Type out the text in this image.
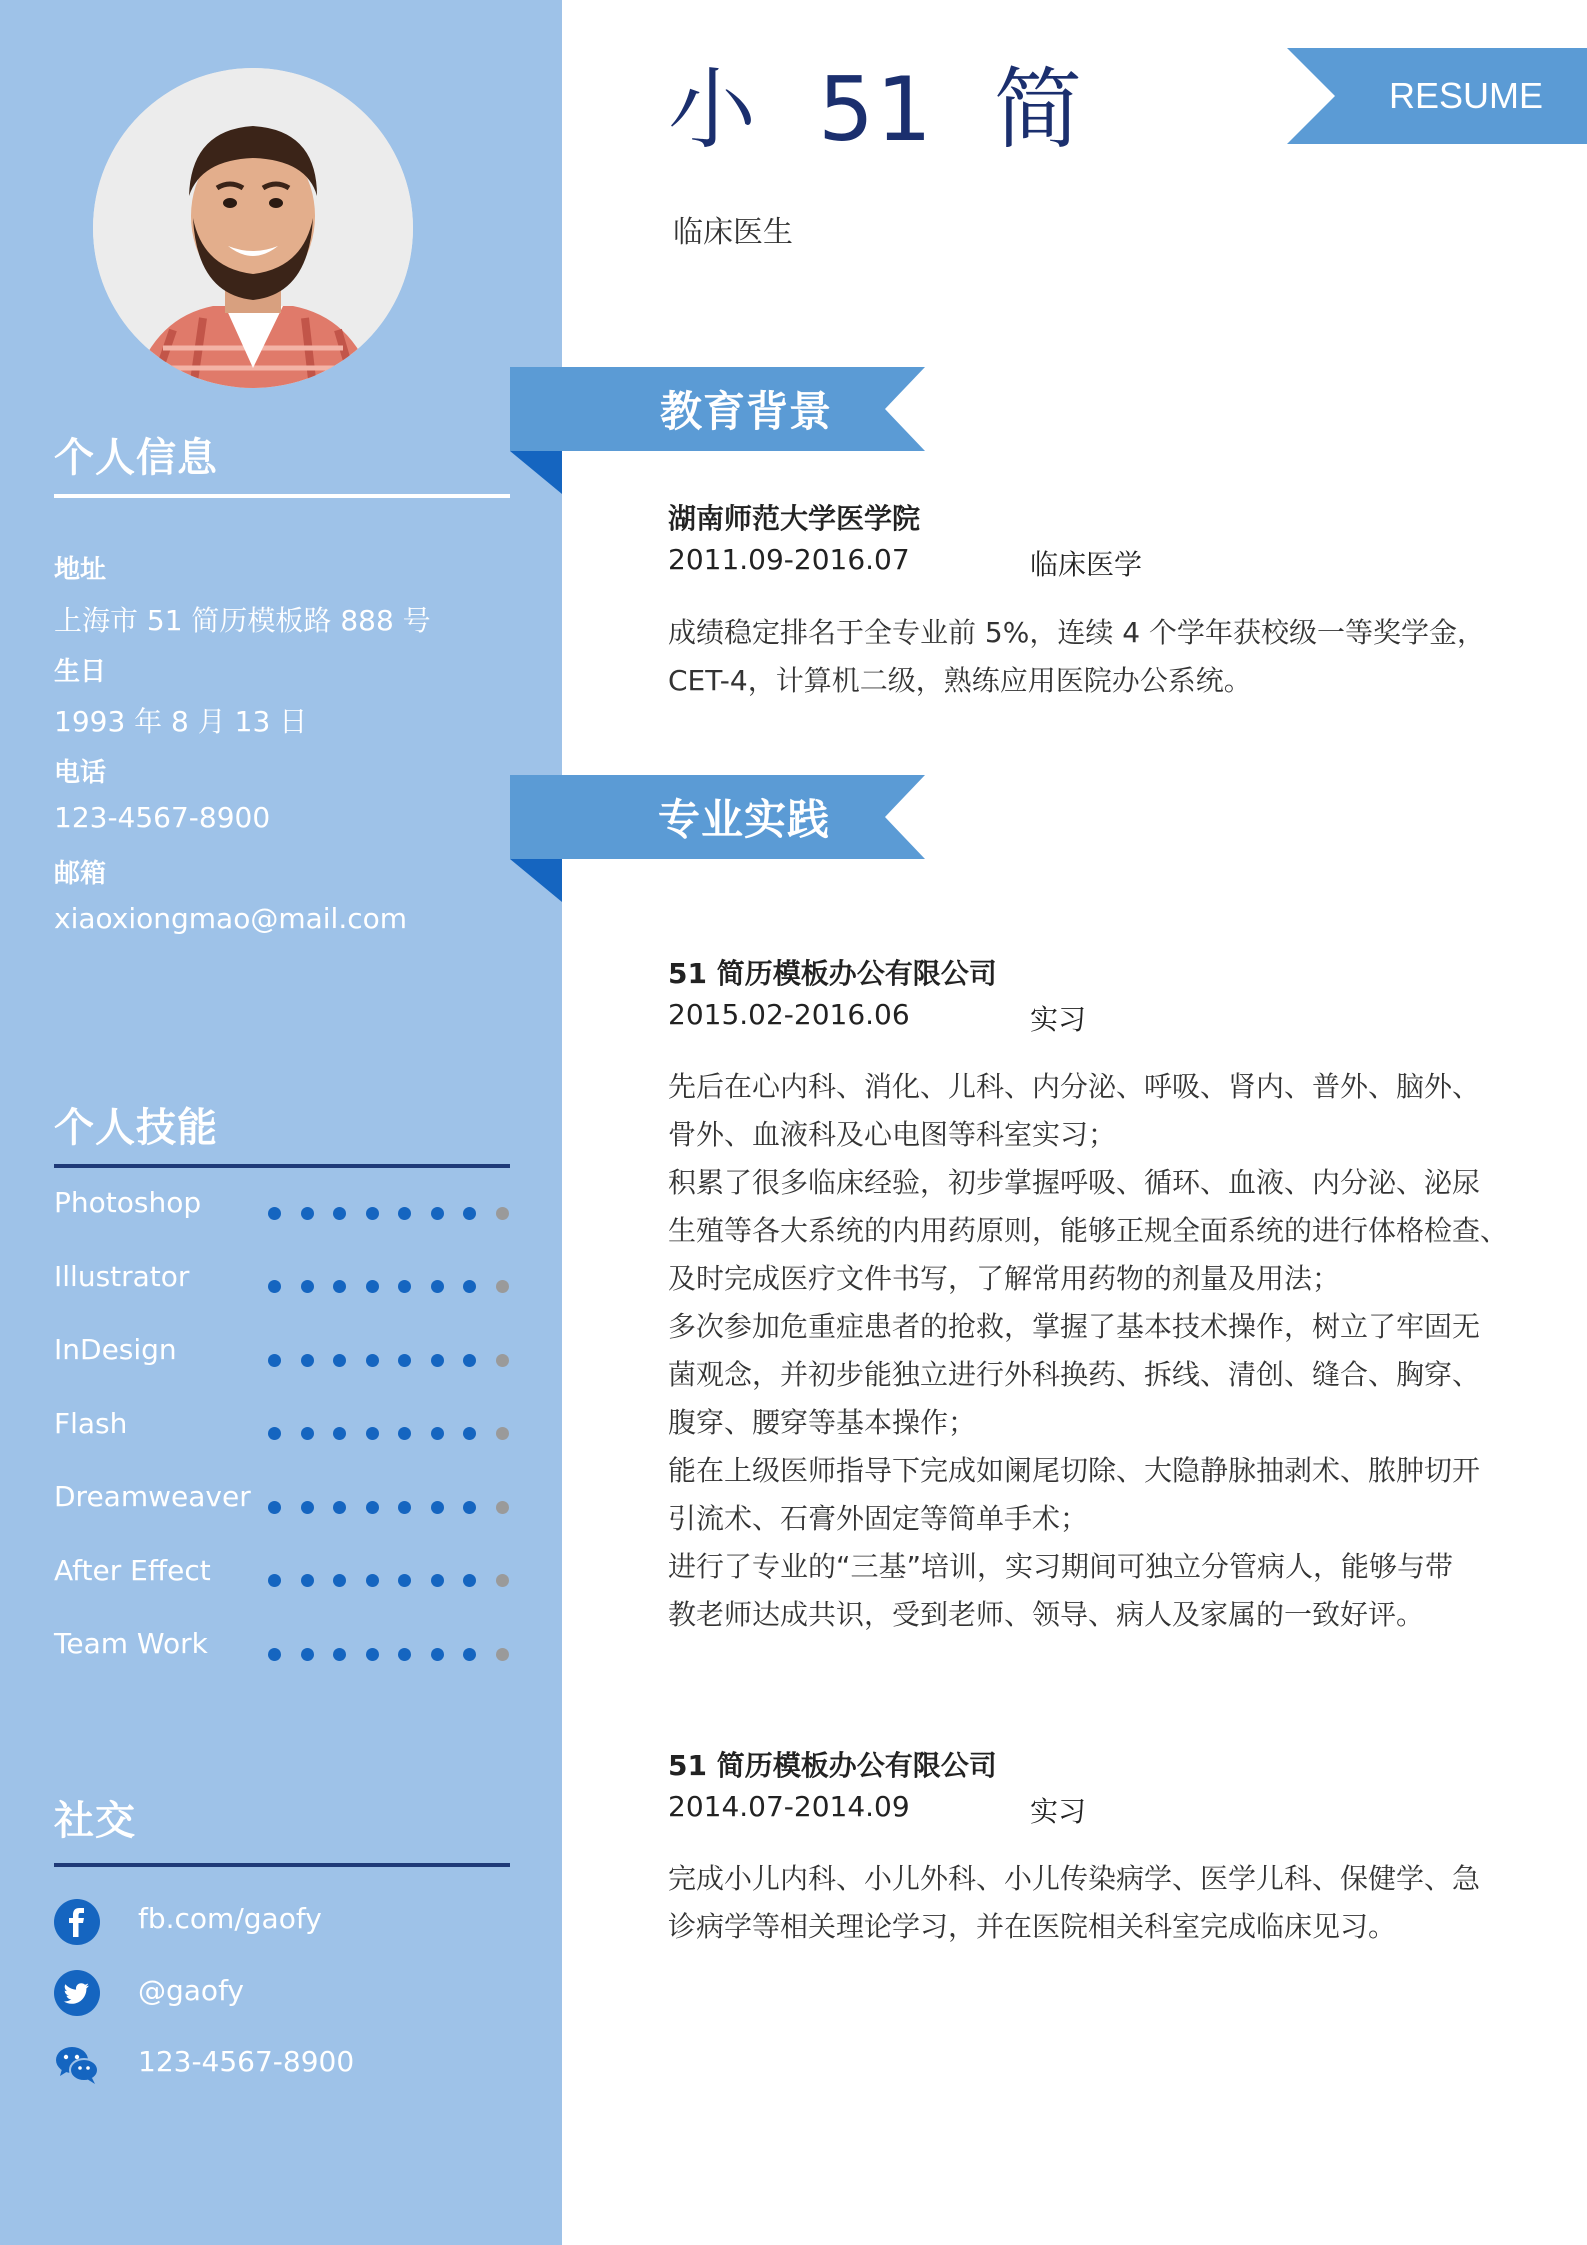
个人信息
地址
上海市 51 简历模板路 888 号
生日
1993 年 8 月 13 日
电话
123-4567-8900
邮箱
xiaoxiongmao@mail.com
个人技能
Photoshop
Illustrator
InDesign
Flash
Dreamweaver
After Effect
Team Work
社交
fb.com/gaofy
@gaofy
123-4567-8900
小 51 简
临床医生
RESUME
教育背景
湖南师范大学医学院
2011.09-2016.07	临床医学
成绩稳定排名于全专业前 5%，连续 4 个学年获校级一等奖学金，
CET-4，计算机二级，熟练应用医院办公系统。
专业实践
51 简历模板办公有限公司
2015.02-2016.06	实习
先后在心内科、消化、儿科、内分泌、呼吸、肾内、普外、脑外、
骨外、血液科及心电图等科室实习；
积累了很多临床经验，初步掌握呼吸、循环、血液、内分泌、泌尿
生殖等各大系统的内用药原则，能够正规全面系统的进行体格检查、
及时完成医疗文件书写，了解常用药物的剂量及用法；
多次参加危重症患者的抢救，掌握了基本技术操作，树立了牢固无
菌观念，并初步能独立进行外科换药、拆线、清创、缝合、胸穿、
腹穿、腰穿等基本操作；
能在上级医师指导下完成如阑尾切除、大隐静脉抽剥术、脓肿切开
引流术、石膏外固定等简单手术；
进行了专业的“三基”培训，实习期间可独立分管病人，能够与带
教老师达成共识，受到老师、领导、病人及家属的一致好评。
51 简历模板办公有限公司
2014.07-2014.09	实习
完成小儿内科、小儿外科、小儿传染病学、医学儿科、保健学、急
诊病学等相关理论学习，并在医院相关科室完成临床见习。
